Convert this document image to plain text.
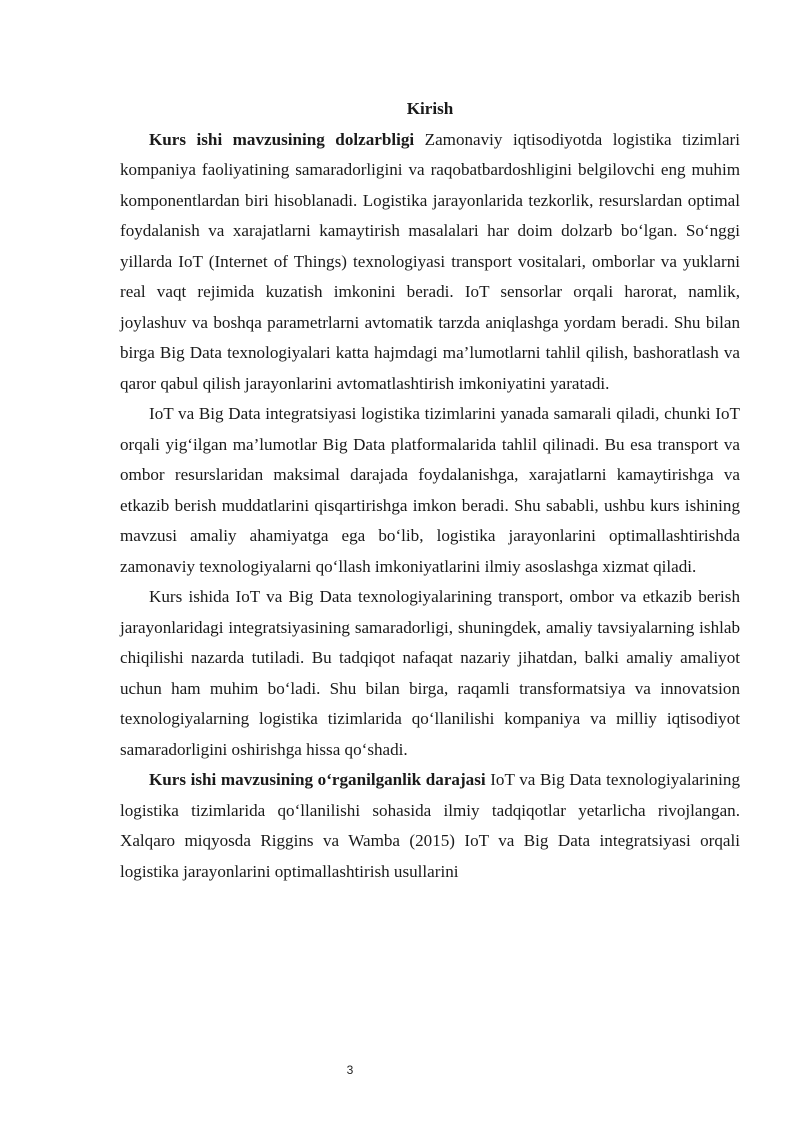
Kirish

Kurs ishi mavzusining dolzarbligi Zamonaviy iqtisodiyotda logistika tizimlari kompaniya faoliyatining samaradorligini va raqobatbardoshligini belgilovchi eng muhim komponentlardan biri hisoblanadi. Logistika jarayonlarida tezkorlik, resurslardan optimal foydalanish va xarajatlarni kamaytirish masalalari har doim dolzarb bo‘lgan. So‘nggi yillarda IoT (Internet of Things) texnologiyasi transport vositalari, omborlar va yuklarni real vaqt rejimida kuzatish imkonini beradi. IoT sensorlar orqali harorat, namlik, joylashuv va boshqa parametrlarni avtomatik tarzda aniqlashga yordam beradi. Shu bilan birga Big Data texnologiyalari katta hajmdagi ma’lumotlarni tahlil qilish, bashoratlash va qaror qabul qilish jarayonlarini avtomatlashtirish imkoniyatini yaratadi.

IoT va Big Data integratsiyasi logistika tizimlarini yanada samarali qiladi, chunki IoT orqali yig‘ilgan ma’lumotlar Big Data platformalarida tahlil qilinadi. Bu esa transport va ombor resurslaridan maksimal darajada foydalanishga, xarajatlarni kamaytirishga va etkazib berish muddatlarini qisqartirishga imkon beradi. Shu sababli, ushbu kurs ishining mavzusi amaliy ahamiyatga ega bo‘lib, logistika jarayonlarini optimallashtirishda zamonaviy texnologiyalarni qo‘llash imkoniyatlarini ilmiy asoslashga xizmat qiladi.

Kurs ishida IoT va Big Data texnologiyalarining transport, ombor va etkazib berish jarayonlaridagi integratsiyasining samaradorligi, shuningdek, amaliy tavsiyalarning ishlab chiqilishi nazarda tutiladi. Bu tadqiqot nafaqat nazariy jihatdan, balki amaliy amaliyot uchun ham muhim bo‘ladi. Shu bilan birga, raqamli transformatsiya va innovatsion texnologiyalarning logistika tizimlarida qo‘llanilishi kompaniya va milliy iqtisodiyot samaradorligini oshirishga hissa qo‘shadi.

Kurs ishi mavzusining o‘rganilganlik darajasi IoT va Big Data texnologiyalarining logistika tizimlarida qo‘llanilishi sohasida ilmiy tadqiqotlar yetarlicha rivojlangan. Xalqaro miqyosda Riggins va Wamba (2015) IoT va Big Data integratsiyasi orqali logistika jarayonlarini optimallashtirish usullarini

3
